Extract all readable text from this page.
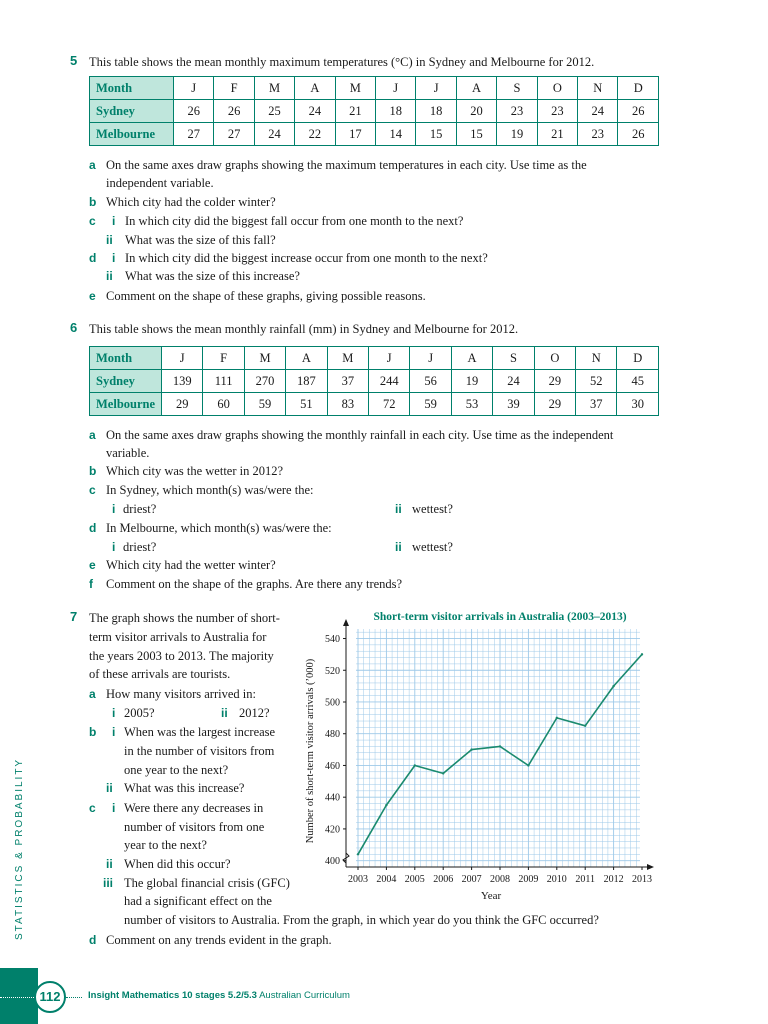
5 This table shows the mean monthly maximum temperatures (°C) in Sydney and Melbourne for 2012.
Month	J	F	M	A	M	J	J	A	S	O	N	D
Sydney	26	26	25	24	21	18	18	20	23	23	24	26
Melbourne	27	27	24	22	17	14	15	15	19	21	23	26
a On the same axes draw graphs showing the maximum temperatures in each city. Use time as the
independent variable.
b Which city had the colder winter?
c i In which city did the biggest fall occur from one month to the next?
ii What was the size of this fall?
d i In which city did the biggest increase occur from one month to the next?
ii What was the size of this increase?
e Comment on the shape of these graphs, giving possible reasons.
6 This table shows the mean monthly rainfall (mm) in Sydney and Melbourne for 2012.
Month	J	F	M	A	M	J	J	A	S	O	N	D
Sydney	139	111	270	187	37	244	56	19	24	29	52	45
Melbourne	29	60	59	51	83	72	59	53	39	29	37	30
a On the same axes draw graphs showing the monthly rainfall in each city. Use time as the independent
variable.
b Which city was the wetter in 2012?
c In Sydney, which month(s) was/were the:
i driest?	ii wettest?
d In Melbourne, which month(s) was/were the:
i driest?	ii wettest?
e Which city had the wetter winter?
f Comment on the shape of the graphs. Are there any trends?
7 The graph shows the number of short-
term visitor arrivals to Australia for
the years 2003 to 2013. The majority
of these arrivals are tourists.
a How many visitors arrived in:
i 2005?	ii 2012?
b i When was the largest increase
in the number of visitors from
one year to the next?
ii What was this increase?
c i Were there any decreases in
number of visitors from one
year to the next?
ii When did this occur?
iii The global financial crisis (GFC)
had a significant effect on the
number of visitors to Australia. From the graph, in which year do you think the GFC occurred?
d Comment on any trends evident in the graph.
Short-term visitor arrivals in Australia (2003–2013)
400
420
440
460
480
500
520
540
2003 2004 2005 2006 2007 2008 2009 2010 2011 2012 2013
Year
Number of short-term visitor arrivals (’000)
STATISTICS & PROBABILITY
112	Insight Mathematics 10 stages 5.2/5.3 Australian Curriculum
